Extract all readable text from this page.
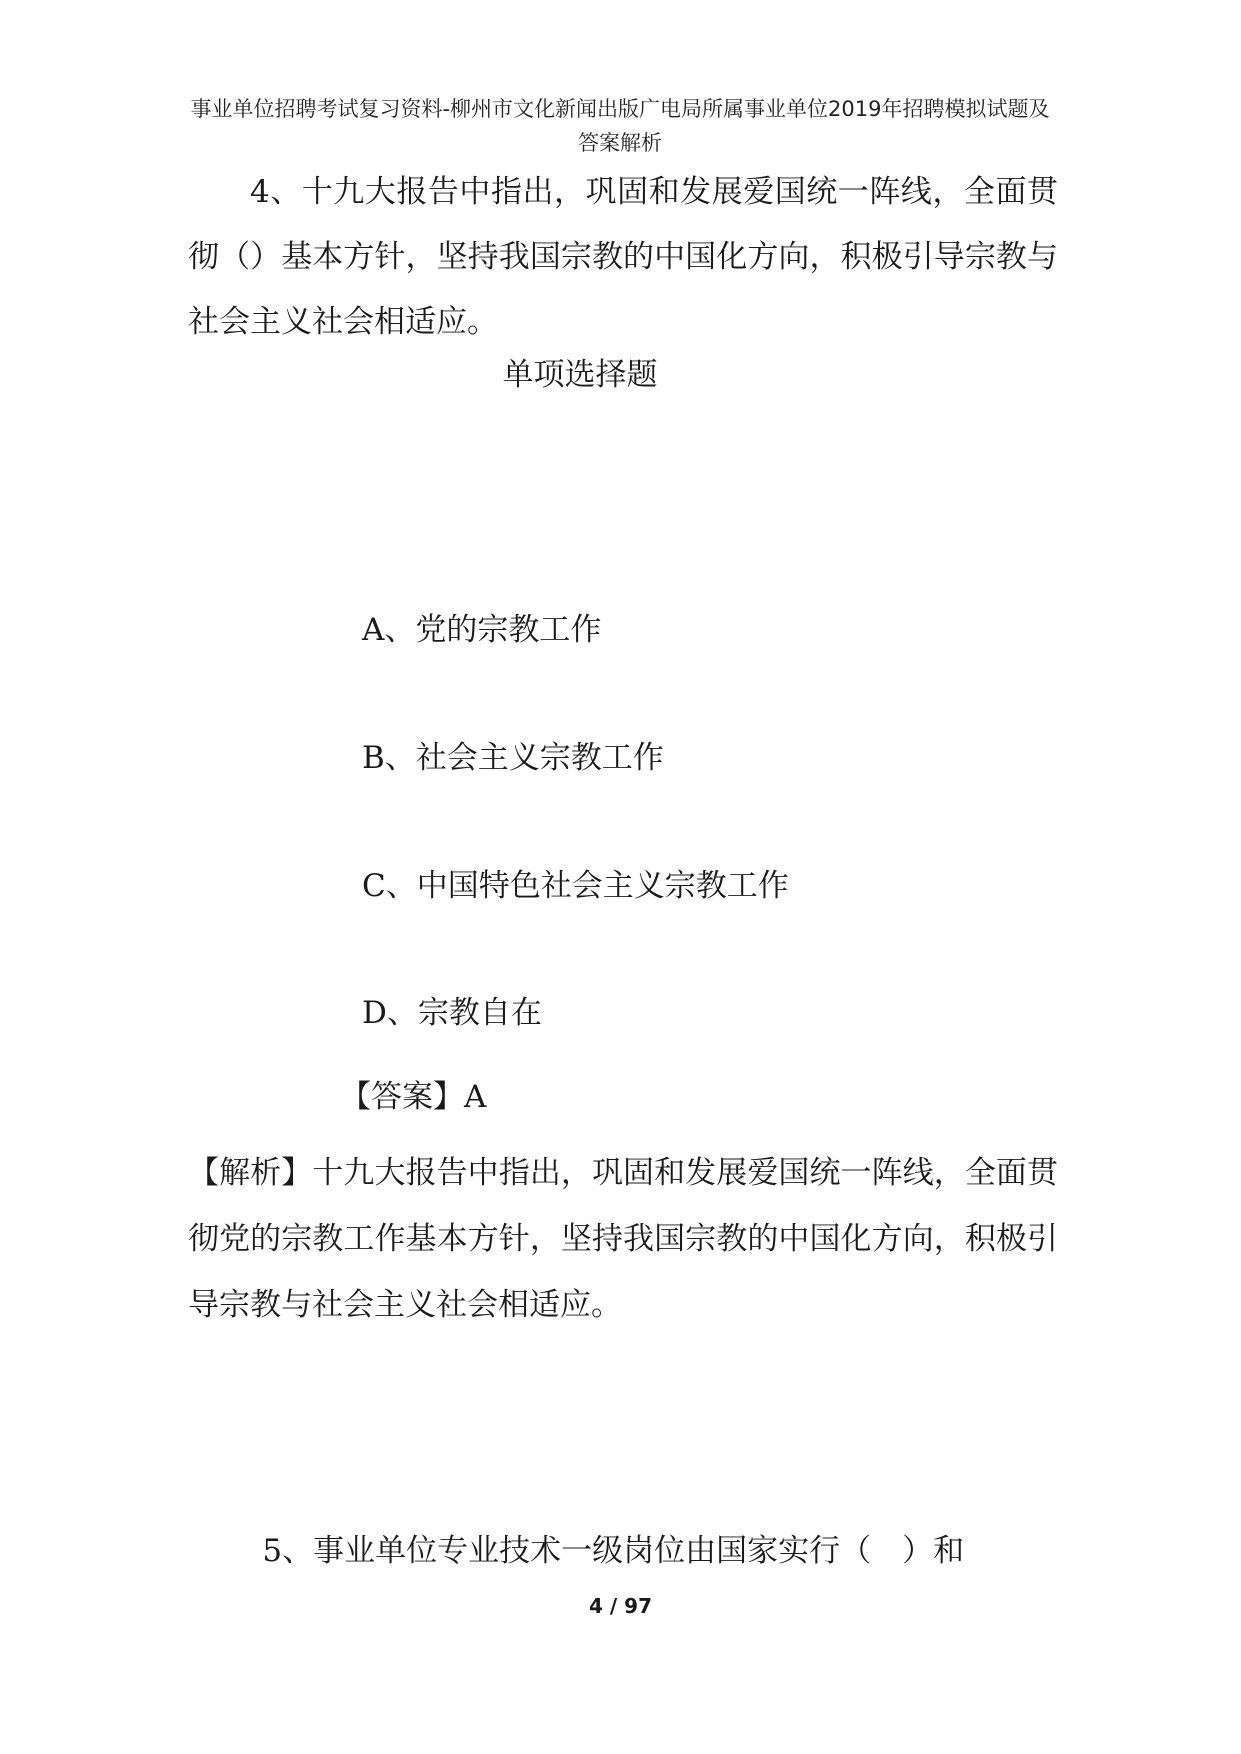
事业单位招聘考试复习资料-柳州市文化新闻出版广电局所属事业单位2019年招聘模拟试题及
答案解析
4、十九大报告中指出，巩固和发展爱国统一阵线，全面贯彻（）基本方针，坚持我国宗教的中国化方向，积极引导宗教与社会主义社会相适应。
单项选择题
A、党的宗教工作
B、社会主义宗教工作
C、中国特色社会主义宗教工作
D、宗教自在
【答案】A
【解析】十九大报告中指出，巩固和发展爱国统一阵线，全面贯彻党的宗教工作基本方针，坚持我国宗教的中国化方向，积极引导宗教与社会主义社会相适应。
5、事业单位专业技术一级岗位由国家实行（　）和
4 / 97
